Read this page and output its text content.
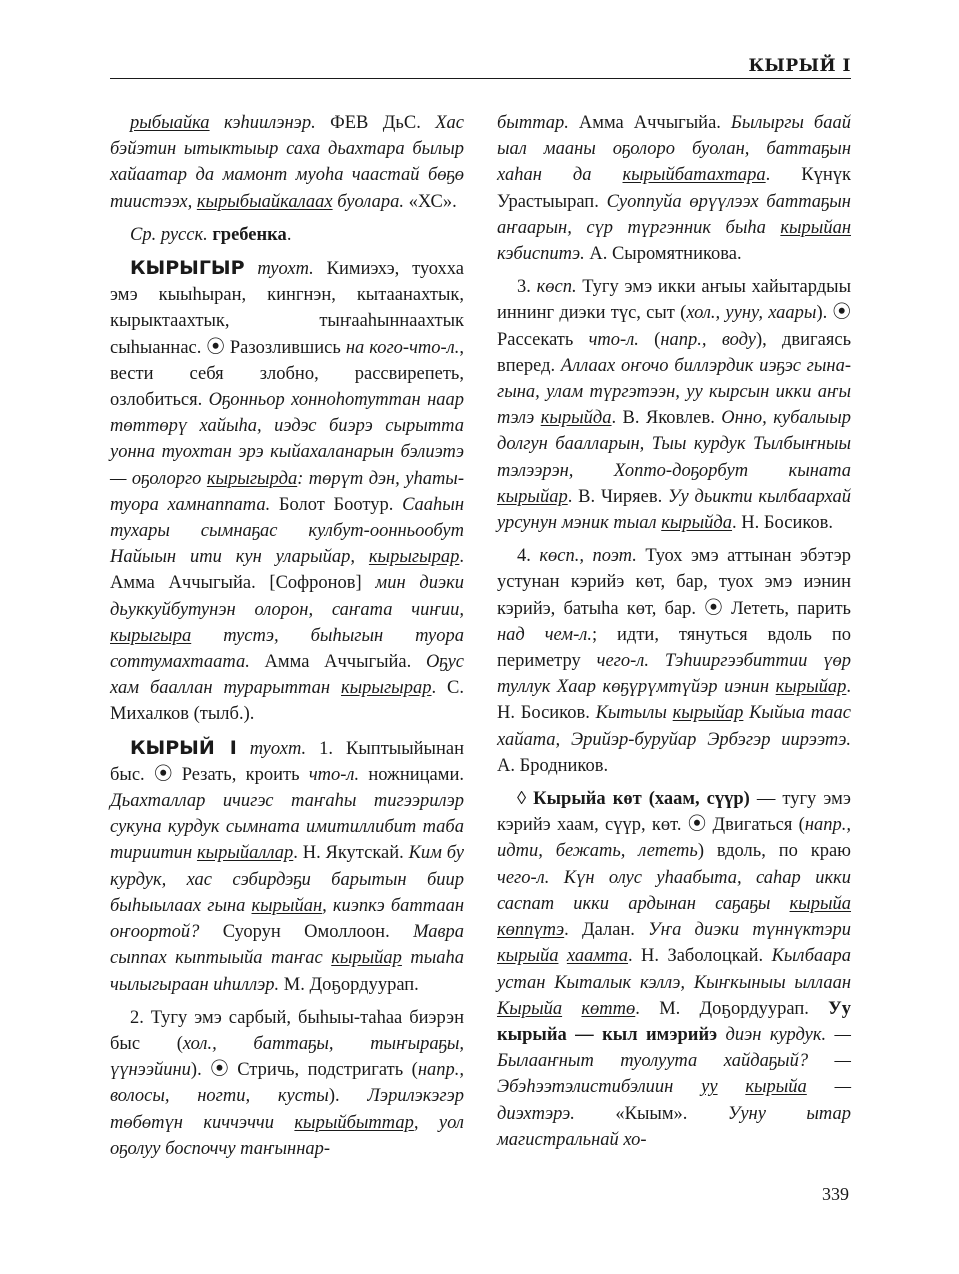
КЫРЫЙ I

рыбыайка кэhиилэнэр. ФЕВ ДьС. Хас бэйэтин ытыктыыр саха дьахтара былыр хайаатар да мамонт муоhа чаастай бөҕө тиистээх, кырыбыайкалаах буолара. «ХС».

Ср. русск. гребенка.

КЫРЫГЫР туохт. Кимиэхэ, туохха эмэ кыыһыран, кингнэн, кытаанахтык, кырыктаахтык, тыҥааһыннаахтык сыһыаннас. ⦿ Разозлившись на кого-что-л., вести себя злобно, рассвирепеть, озлобиться. Оҕонньор хонноhотуттан наар төттөрү хайыhа, иэдэс биэрэ сырытта уонна туохтан эрэ кыйахаланарын бэлиэтэ — оҕолорго кырыгырда: төрүт дэн, уhаты-туора хамнаппата. Болот Боотур. Сааhын тухары сымнаҕас кулбут-оонньообут Найыын ити кун уларыйар, кырыгырар. Амма Аччыгыйа. [Софронов] мин диэки дьуккуйбутунэн олорон, саҥата чиҥии, кырыгыра тустэ, быһыгын туора соттумахтаата. Амма Аччыгыйа. Оҕус хам бааллан турарыттан кырыгырар. С. Михалков (тылб.).

КЫРЫЙ I туохт. 1. Кыптыыйынан быс. ⦿ Резать, кроить что-л. ножницами. Дьахталлар ичигэс таҥаhы тигээрилэр сукуна курдук сымната имитиллибит таба тириитин кырыйаллар. Н. Якутскай. Ким бу курдук, хас сэбирдэҕи барытын биир быһыылаах гына кырыйан, киэпкэ баттаан оҥоортой? Суорун Омоллоон. Мавра сыппах кыптыыйа таҥас кырыйар тыаhа чылыгыраан иhиллэр. М. Доҕордуурап.

2. Тугу эмэ сарбый, быһыы-таһаа биэрэн быс (хол., баттаҕы, тыҥыраҕы, үүнээйини). ⦿ Стричь, подстригать (напр., волосы, ногти, кусты). Лэрилэкэгэр төбөтүн киччэччи кырыйбыттар, уол оҕолуу боспоччу таҥыннар-

быттар. Амма Аччыгыйа. Былыргы баай ыал мааны оҕолоро буолан, баттаҕын хаhан да кырыйбатахтара. Күнүк Урастыырап. Суоппуйа өрүүлээх баттаҕын аҥаарын, сүр түргэнник быhа кырыйан кэбиспитэ. А. Сыромятникова.

3. көсп. Тугу эмэ икки аҥыы хайытардыы иннинг диэки түс, сыт (хол., ууну, хаары). ⦿ Рассекать что-л. (напр., воду), двигаясь вперед. Аллаах оҥочо биллэрдик иэҕэс гына-гына, улам түргэтээн, уу кырсын икки аҥы тэлэ кырыйда. В. Яковлев. Онно, кубалыыр долгун баалларын, Тыы курдук Тылбыҥныы тэлээрэн, Хопто-доҕорбут кыната кырыйар. В. Чиряев. Уу дьикти кылбаархай урсунун мэник тыал кырыйда. Н. Босиков.

4. көсп., поэт. Туох эмэ аттынан эбэтэр устунан кэрийэ көт, бар, туох эмэ иэнин кэрийэ, батыhа көт, бар. ⦿ Лететь, парить над чем-л.; идти, тянуться вдоль по периметру чего-л. Тэhииргээбиттии үөр туллук Хаар көҕүрүмтүйэр иэнин кырыйар. Н. Босиков. Кытылы кырыйар Кыйыа таас хайата, Эрийэр-буруйар Эрбэгэр иирээтэ. А. Бродников.

◊ Кырыйа көт (хаам, сүүр) — тугу эмэ кэрийэ хаам, сүүр, көт. ⦿ Двигаться (напр., идти, бежать, лететь) вдоль, по краю чего-л. Күн олус уhаабыта, саhар икки саспат икки ардынан саҕаҕы кырыйа көппүтэ. Далан. Уҥа диэки түннүктэри кырыйа хаамта. Н. Заболоцкай. Кылбаара устан Кыталык кэллэ, Кыҥкыныы ыллаан Кырыйа көттө. М. Доҕордуурап. Уу кырыйа — кыл имэрийэ диэн курдук. — Былааҥныт туолуута хайдаҕый? — Эбэhээтэлистибэлиин уу кырыйа — диэхтэрэ. «Кыым». Ууну ытар магистральнай хо-

339
